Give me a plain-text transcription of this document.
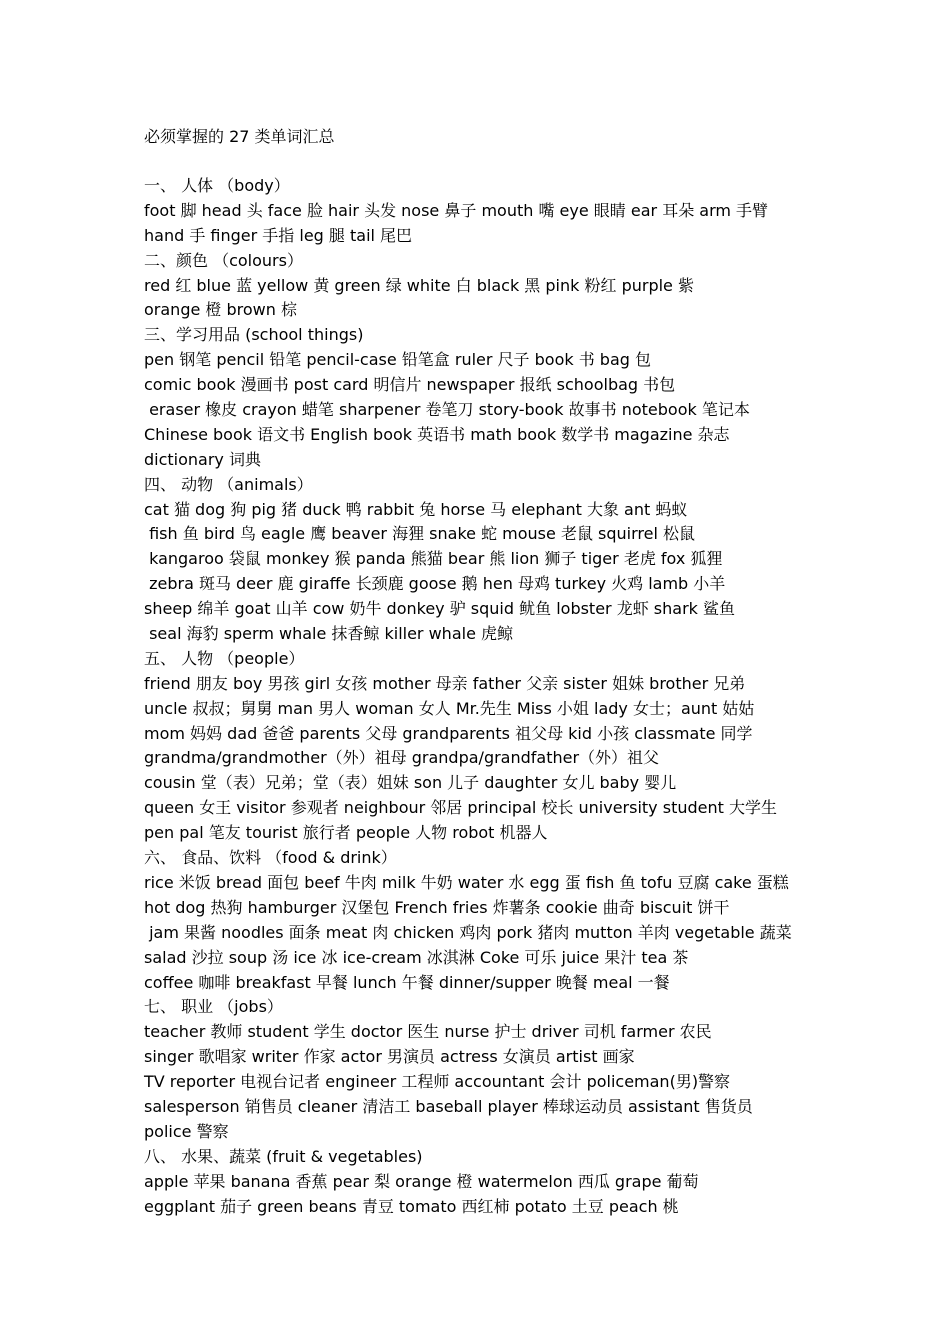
必须掌握的 27 类单词汇总
一、 人体 （body）
foot 脚 head 头 face 脸 hair 头发 nose 鼻子 mouth 嘴 eye 眼睛 ear 耳朵 arm 手臂
hand 手 finger 手指 leg 腿 tail 尾巴
二、颜色 （colours）
red 红 blue 蓝 yellow 黄 green 绿 white 白 black 黑 pink 粉红 purple 紫
orange 橙 brown 棕
三、学习用品 (school things)
pen 钢笔 pencil 铅笔 pencil-case 铅笔盒 ruler 尺子 book 书 bag 包
comic book 漫画书 post card 明信片 newspaper 报纸 schoolbag 书包
eraser 橡皮 crayon 蜡笔 sharpener 卷笔刀 story-book 故事书 notebook 笔记本
Chinese book 语文书 English book 英语书 math book 数学书 magazine 杂志
dictionary 词典
四、 动物 （animals）
cat 猫 dog 狗 pig 猪 duck 鸭 rabbit 兔 horse 马 elephant 大象 ant 蚂蚁
fish 鱼 bird 鸟 eagle 鹰 beaver 海狸 snake 蛇 mouse 老鼠 squirrel 松鼠
kangaroo 袋鼠 monkey 猴 panda 熊猫 bear 熊 lion 狮子 tiger 老虎 fox 狐狸
zebra 斑马 deer 鹿 giraffe 长颈鹿 goose 鹅 hen 母鸡 turkey 火鸡 lamb 小羊
sheep 绵羊 goat 山羊 cow 奶牛 donkey 驴 squid 鱿鱼 lobster 龙虾 shark 鲨鱼
seal 海豹 sperm whale 抹香鲸 killer whale 虎鲸
五、 人物 （people）
friend 朋友 boy 男孩 girl 女孩 mother 母亲 father 父亲 sister 姐妹 brother 兄弟
uncle 叔叔；舅舅 man 男人 woman 女人 Mr.先生 Miss 小姐 lady 女士；aunt 姑姑
mom 妈妈 dad 爸爸 parents 父母 grandparents 祖父母 kid 小孩 classmate 同学
grandma/grandmother（外）祖母 grandpa/grandfather（外）祖父
cousin 堂（表）兄弟；堂（表）姐妹 son 儿子 daughter 女儿 baby 婴儿
queen 女王 visitor 参观者 neighbour 邻居 principal 校长 university student 大学生
pen pal 笔友 tourist 旅行者 people 人物 robot 机器人
六、 食品、饮料 （food & drink）
rice 米饭 bread 面包 beef 牛肉 milk 牛奶 water 水 egg 蛋 fish 鱼 tofu 豆腐 cake 蛋糕
hot dog 热狗 hamburger 汉堡包 French fries 炸薯条 cookie 曲奇 biscuit 饼干
jam 果酱 noodles 面条 meat 肉 chicken 鸡肉 pork 猪肉 mutton 羊肉 vegetable 蔬菜
salad 沙拉 soup 汤 ice 冰 ice-cream 冰淇淋 Coke 可乐 juice 果汁 tea 茶
coffee 咖啡 breakfast 早餐 lunch 午餐 dinner/supper 晚餐 meal 一餐
七、 职业 （jobs）
teacher 教师 student 学生 doctor 医生 nurse 护士 driver 司机 farmer 农民
singer 歌唱家 writer 作家 actor 男演员 actress 女演员 artist 画家
TV reporter 电视台记者 engineer 工程师 accountant 会计 policeman(男)警察
salesperson 销售员 cleaner 清洁工 baseball player 棒球运动员 assistant 售货员
police 警察
八、 水果、蔬菜 (fruit & vegetables)
apple 苹果 banana 香蕉 pear 梨 orange 橙 watermelon 西瓜 grape 葡萄
eggplant 茄子 green beans 青豆 tomato 西红柿 potato 土豆 peach 桃
